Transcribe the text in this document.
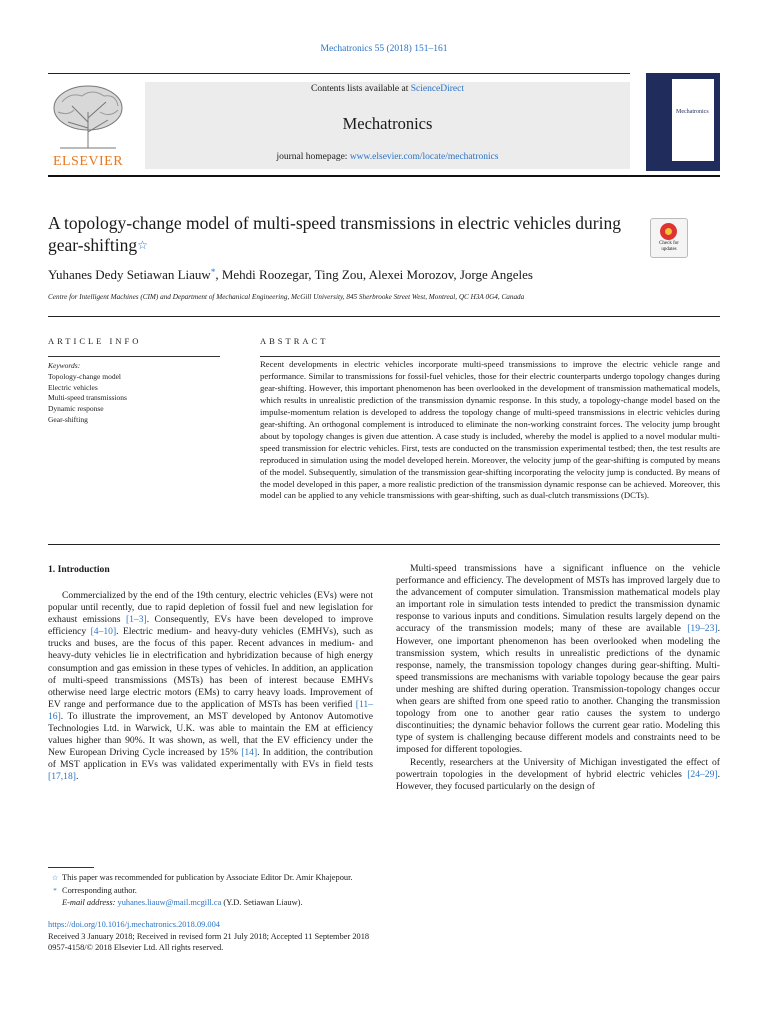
Mechatronics 55 (2018) 151–161
ELSEVIER
Contents lists available at ScienceDirect
Mechatronics
journal homepage: www.elsevier.com/locate/mechatronics
Mechatronics
A topology-change model of multi-speed transmissions in electric vehicles during gear-shifting☆	Check for updates
Yuhanes Dedy Setiawan Liauw*, Mehdi Roozegar, Ting Zou, Alexei Morozov, Jorge Angeles
Centre for Intelligent Machines (CIM) and Department of Mechanical Engineering, McGill University, 845 Sherbrooke Street West, Montreal, QC H3A 0G4, Canada
ARTICLE INFO	ABSTRACT
Keywords:
Topology-change model
Electric vehicles
Multi-speed transmissions
Dynamic response
Gear-shifting
Recent developments in electric vehicles incorporate multi-speed transmissions to improve the electric vehicle range and performance. Similar to transmissions for fossil-fuel vehicles, those for their electric counterparts undergo topology changes during gear-shifting. However, this important phenomenon has been overlooked in the development of transmission mathematical models, which results in unrealistic prediction of the transmission dynamic response. In this study, a topology-change model based on the impulse-momentum relation is developed to address the topology change of multi-speed transmissions in electric vehicles during gear-shifting. An orthogonal complement is introduced to eliminate the non-working constraint forces. The velocity jump brought about by topology changes is given due attention. A case study is included, whereby the model is applied to a novel modular multi-speed transmission for electric vehicles. First, tests are conducted on the transmission experimental testbed; then, the test results are reproduced in simulation using the model developed herein. Moreover, the velocity jump of the gear-shifting is computed by means of the model. Subsequently, simulation of the transmission gear-shifting incorporating the velocity jump is conducted. By means of the model developed in this paper, a more realistic prediction of the transmission dynamic response can be achieved. Moreover, this model can be applied to any vehicle transmissions with gear-shifting, such as dual-clutch transmissions (DCTs).
1. Introduction
Commercialized by the end of the 19th century, electric vehicles (EVs) were not popular until recently, due to rapid depletion of fossil fuel and new legislation for exhaust emissions [1–3]. Consequently, EVs have been developed to improve efficiency [4–10]. Electric medium- and heavy-duty vehicles (EMHVs), such as trucks and buses, are the focus of this paper. Recent advances in medium- and heavy-duty vehicles lie in electrification and hybridization because of high energy consumption and gas emission in these types of vehicles. In addition, an application of multi-speed transmissions (MSTs) has been of interest because EMHVs otherwise need large electric motors (EMs) to carry heavy loads. Improvement of EV range and performance due to the application of MSTs has been verified [11–16]. To illustrate the improvement, an MST developed by Antonov Automotive Technologies Ltd. in Warwick, U.K. was able to maintain the EM at efficiency values higher than 90%. It was shown, as well, that the EV efficiency under the New European Driving Cycle increased by 15% [14]. In addition, the contribution of MST application in EVs was validated experimentally with EVs in field tests [17,18].

Multi-speed transmissions have a significant influence on the vehicle performance and efficiency. The development of MSTs has improved largely due to the advancement of computer simulation. Transmission mathematical models play an important role in simulation tests intended to predict the transmission dynamic response to various inputs and conditions. Simulation results largely depend on the accuracy of the transmission models; many of these are available [19–23]. However, one important phenomenon has been overlooked when modeling the transmission system, which results in unrealistic predictions of the dynamic response, namely, the transmission topology changes during gear-shifting. Multi-speed transmissions are mechanisms with variable topology because the gear pairs under meshing are shifted during operation. Transmission-topology changes occur when gears are shifted from one speed ratio to another. Changing the transmission topology from one to another gear ratio causes the system to undergo discontinuities; the dynamic behavior follows the current gear ratio. Modeling this type of system is challenging because different models and constraints need to be imposed for different topologies.

Recently, researchers at the University of Michigan investigated the effect of powertrain topologies in the development of hybrid electric vehicles [24–29]. However, they focused particularly on the design of

☆ This paper was recommended for publication by Associate Editor Dr. Amir Khajepour.
* Corresponding author.
E-mail address: yuhanes.liauw@mail.mcgill.ca (Y.D. Setiawan Liauw).
https://doi.org/10.1016/j.mechatronics.2018.09.004
Received 3 January 2018; Received in revised form 21 July 2018; Accepted 11 September 2018
0957-4158/© 2018 Elsevier Ltd. All rights reserved.
